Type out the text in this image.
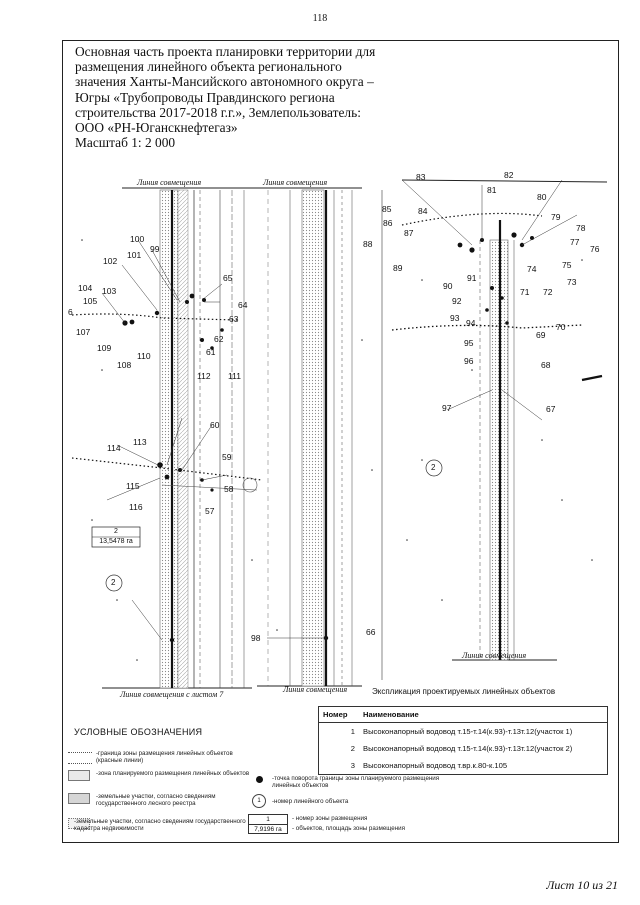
118
Основная часть проекта планировки территории для размещения линейного объекта регионального значения Ханты-Мансийского автономного округа – Югры «Трубопроводы Правдинского региона строительства 2017-2018 г.г.», Землепользователь: ООО «РН-Юганскнефтегаз»
Масштаб 1: 2 000
Линия совмещения	Линия совмещения
Линия совмещения с листом 7
Линия совмещения
Линия совмещения
2
13,5478 га
2
2
100
99
101
102
104 103
105
6
107
109
108
110
65
64
63
62
61
112 111
60
59
58
57
113
114
115
116
83	82
81
80
79
78
77
76
75
74
73
72
71
70
69
68
67
84
85
86
87
88
89
90
91
92
93 94
95
96
97
98
66
Экспликация проектируемых линейных объектов
Номер	Наименование
1	Высоконапорный водовод т.15-т.14(к.93)-т.13т.12(участок 1)
2	Высоконапорный водовод т.15-т.14(к.93)-т.13т.12(участок 2)
3	Высоконапорный водовод т.вр.к.80-к.105
УСЛОВНЫЕ ОБОЗНАЧЕНИЯ
-граница зоны размещения линейных объектов (красные линии)
-зона планируемого размещения линейных объектов
-земельные участки, согласно сведениям государственного лесного реестра
-земельные участки, согласно сведениям государственного кадастра недвижимости
-точка поворота границы зоны планируемого размещения линейных объектов
1	-номер линейного объекта
1
7,9196 га
- номер зоны размещения
- объектов, площадь зоны размещения
Лист 10 из 21
